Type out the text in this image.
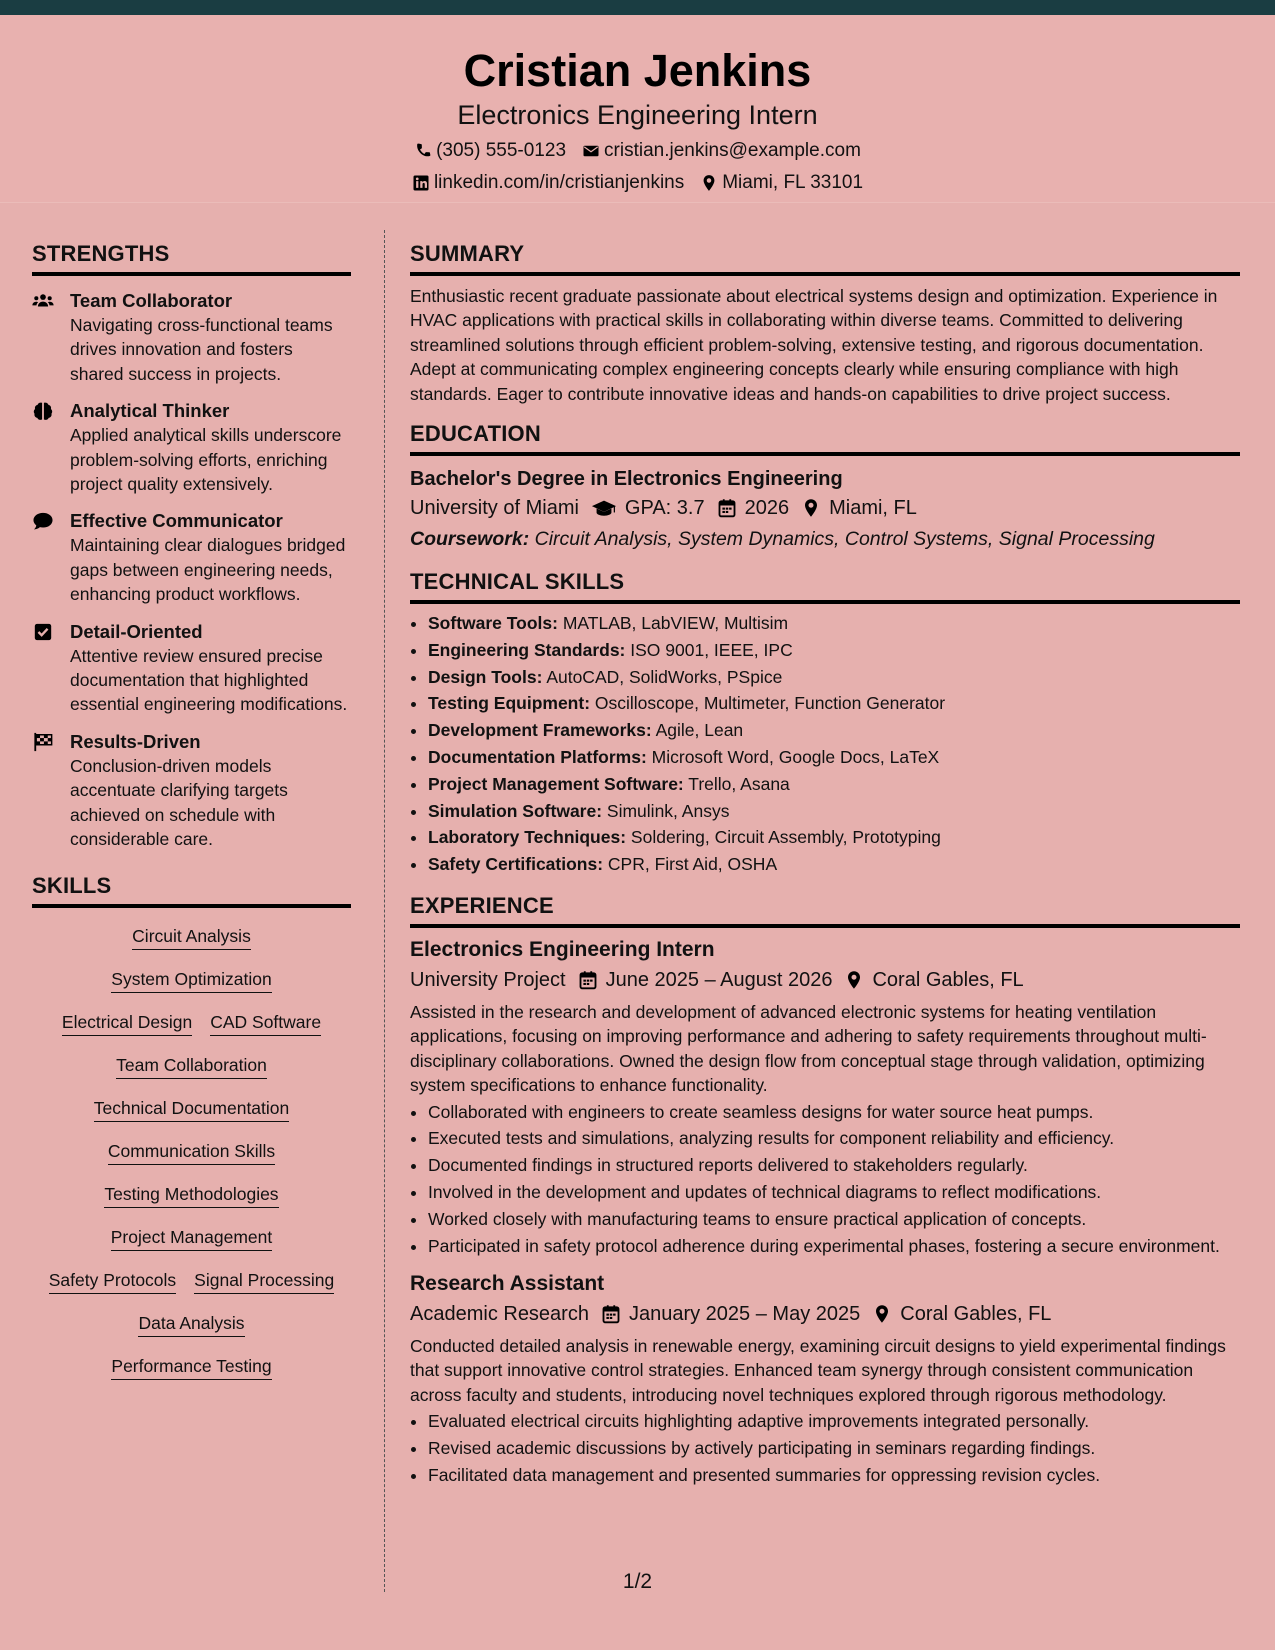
Cristian Jenkins
Electronics Engineering Intern
(305) 555-0123 cristian.jenkins@example.com
linkedin.com/in/cristianjenkins Miami, FL 33101
STRENGTHS
Team Collaborator
Navigating cross-functional teams drives innovation and fosters shared success in projects.
Analytical Thinker
Applied analytical skills underscore problem-solving efforts, enriching project quality extensively.
Effective Communicator
Maintaining clear dialogues bridged gaps between engineering needs, enhancing product workflows.
Detail-Oriented
Attentive review ensured precise documentation that highlighted essential engineering modifications.
Results-Driven
Conclusion-driven models accentuate clarifying targets achieved on schedule with considerable care.
SKILLS
Circuit Analysis
System Optimization
Electrical Design CAD Software
Team Collaboration
Technical Documentation
Communication Skills
Testing Methodologies
Project Management
Safety Protocols Signal Processing
Data Analysis
Performance Testing
SUMMARY

Enthusiastic recent graduate passionate about electrical systems design and optimization. Experience in HVAC applications with practical skills in collaborating within diverse teams. Committed to delivering streamlined solutions through efficient problem-solving, extensive testing, and rigorous documentation. Adept at communicating complex engineering concepts clearly while ensuring compliance with high standards. Eager to contribute innovative ideas and hands-on capabilities to drive project success.

EDUCATION
Bachelor's Degree in Electronics Engineering
University of Miami GPA: 3.7 2026 Miami, FL
Coursework: Circuit Analysis, System Dynamics, Control Systems, Signal Processing
TECHNICAL SKILLS
• Software Tools: MATLAB, LabVIEW, Multisim
• Engineering Standards: ISO 9001, IEEE, IPC
• Design Tools: AutoCAD, SolidWorks, PSpice
• Testing Equipment: Oscilloscope, Multimeter, Function Generator
• Development Frameworks: Agile, Lean
• Documentation Platforms: Microsoft Word, Google Docs, LaTeX
• Project Management Software: Trello, Asana
• Simulation Software: Simulink, Ansys
• Laboratory Techniques: Soldering, Circuit Assembly, Prototyping
• Safety Certifications: CPR, First Aid, OSHA
EXPERIENCE
Electronics Engineering Intern
University Project June 2025 – August 2026 Coral Gables, FL
Assisted in the research and development of advanced electronic systems for heating ventilation applications, focusing on improving performance and adhering to safety requirements throughout multi-disciplinary collaborations. Owned the design flow from conceptual stage through validation, optimizing system specifications to enhance functionality.
• Collaborated with engineers to create seamless designs for water source heat pumps.
• Executed tests and simulations, analyzing results for component reliability and efficiency.
• Documented findings in structured reports delivered to stakeholders regularly.
• Involved in the development and updates of technical diagrams to reflect modifications.
• Worked closely with manufacturing teams to ensure practical application of concepts.
• Participated in safety protocol adherence during experimental phases, fostering a secure environment.
Research Assistant
Academic Research January 2025 – May 2025 Coral Gables, FL
Conducted detailed analysis in renewable energy, examining circuit designs to yield experimental findings that support innovative control strategies. Enhanced team synergy through consistent communication across faculty and students, introducing novel techniques explored through rigorous methodology.
• Evaluated electrical circuits highlighting adaptive improvements integrated personally.
• Revised academic discussions by actively participating in seminars regarding findings.
• Facilitated data management and presented summaries for oppressing revision cycles.
1/2
